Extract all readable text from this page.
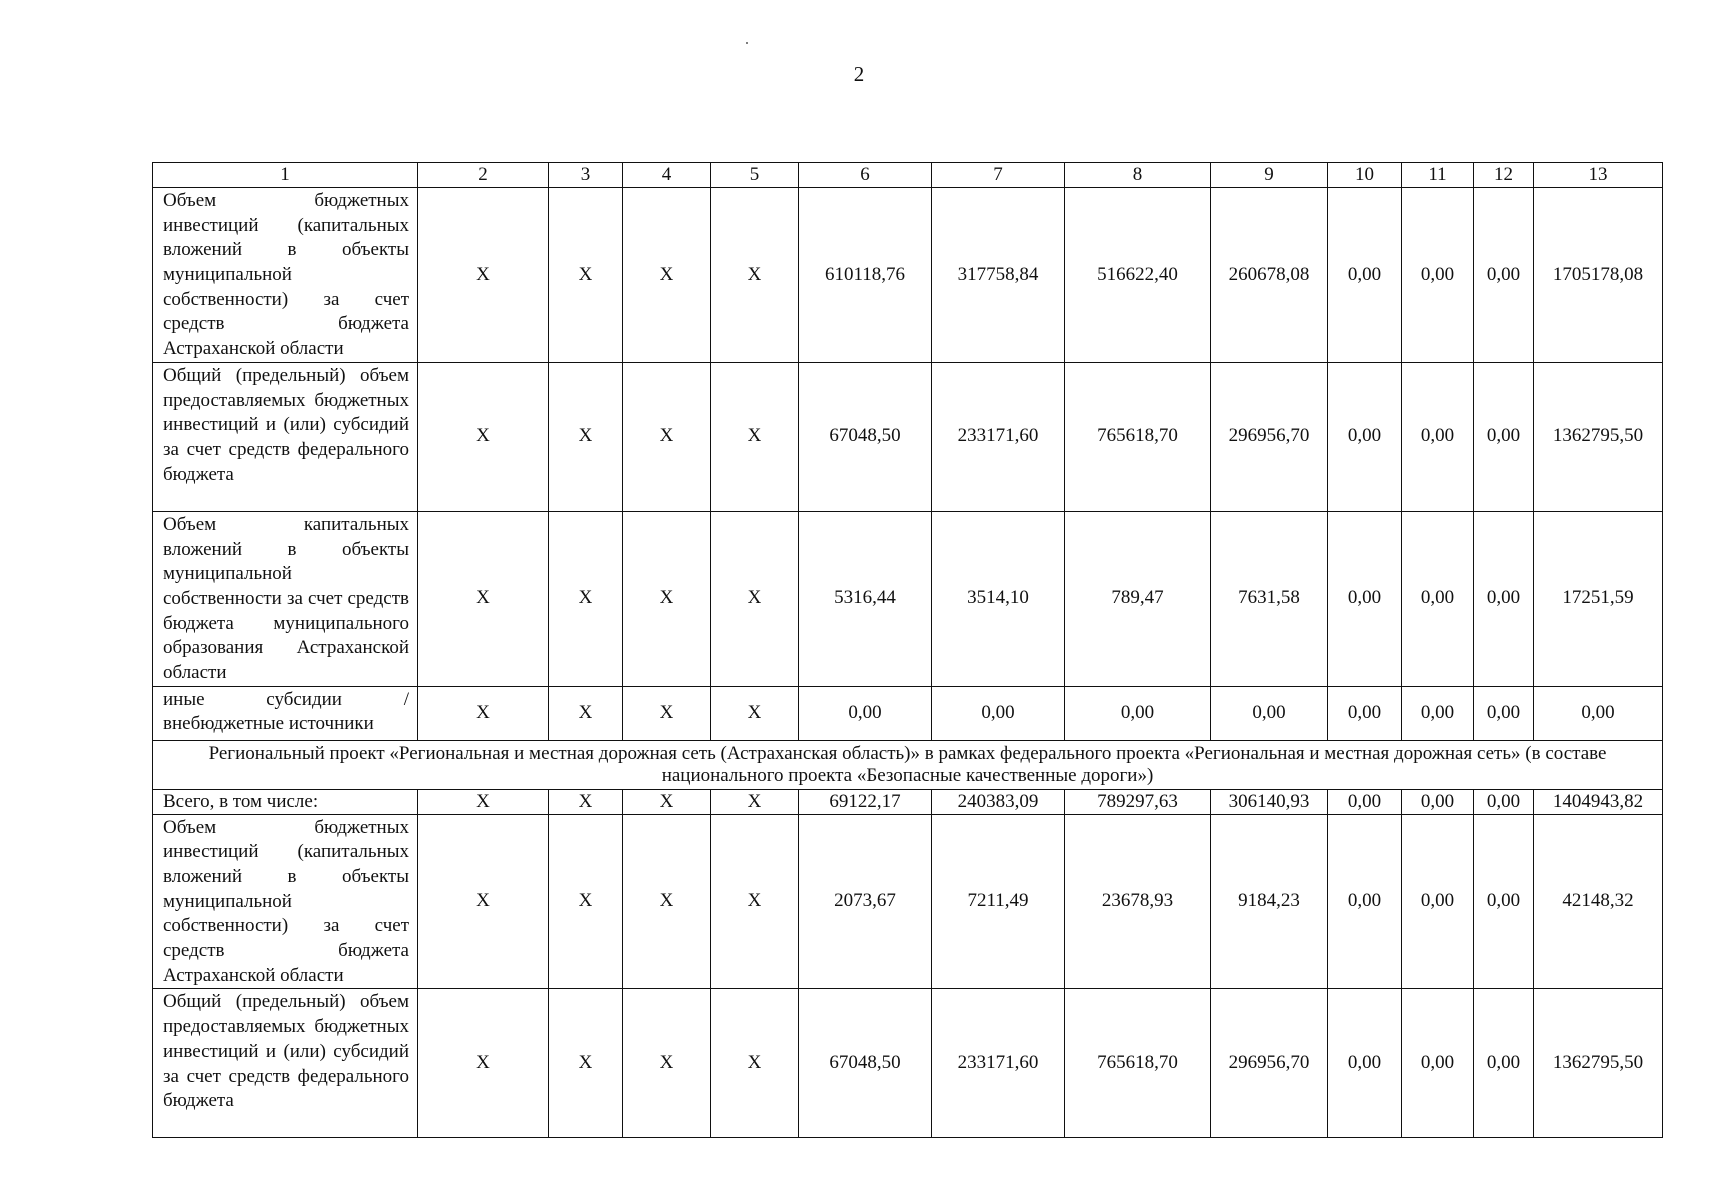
2
1	2	3	4	5	6	7	8	9	10	11	12	13
Объем бюджетных инвестиций (капитальных вложений в объекты муниципальной собственности) за счет средств бюджета Астраханской области	X	X	X	X	610118,76	317758,84	516622,40	260678,08	0,00	0,00	0,00	1705178,08
Общий (предельный) объем предоставляемых бюджетных инвестиций и (или) субсидий за счет средств федерального бюджета	X	X	X	X	67048,50	233171,60	765618,70	296956,70	0,00	0,00	0,00	1362795,50
Объем капитальных вложений в объекты муниципальной собственности за счет средств бюджета муниципального образования Астраханской области	X	X	X	X	5316,44	3514,10	789,47	7631,58	0,00	0,00	0,00	17251,59
иные субсидии / внебюджетные источники	X	X	X	X	0,00	0,00	0,00	0,00	0,00	0,00	0,00	0,00
Региональный проект «Региональная и местная дорожная сеть (Астраханская область)» в рамках федерального проекта «Региональная и местная дорожная сеть» (в составе национального проекта «Безопасные качественные дороги»)												
Всего, в том числе:	X	X	X	X	69122,17	240383,09	789297,63	306140,93	0,00	0,00	0,00	1404943,82
Объем бюджетных инвестиций (капитальных вложений в объекты муниципальной собственности) за счет средств бюджета Астраханской области	X	X	X	X	2073,67	7211,49	23678,93	9184,23	0,00	0,00	0,00	42148,32
Общий (предельный) объем предоставляемых бюджетных инвестиций и (или) субсидий за счет средств федерального бюджета	X	X	X	X	67048,50	233171,60	765618,70	296956,70	0,00	0,00	0,00	1362795,50
